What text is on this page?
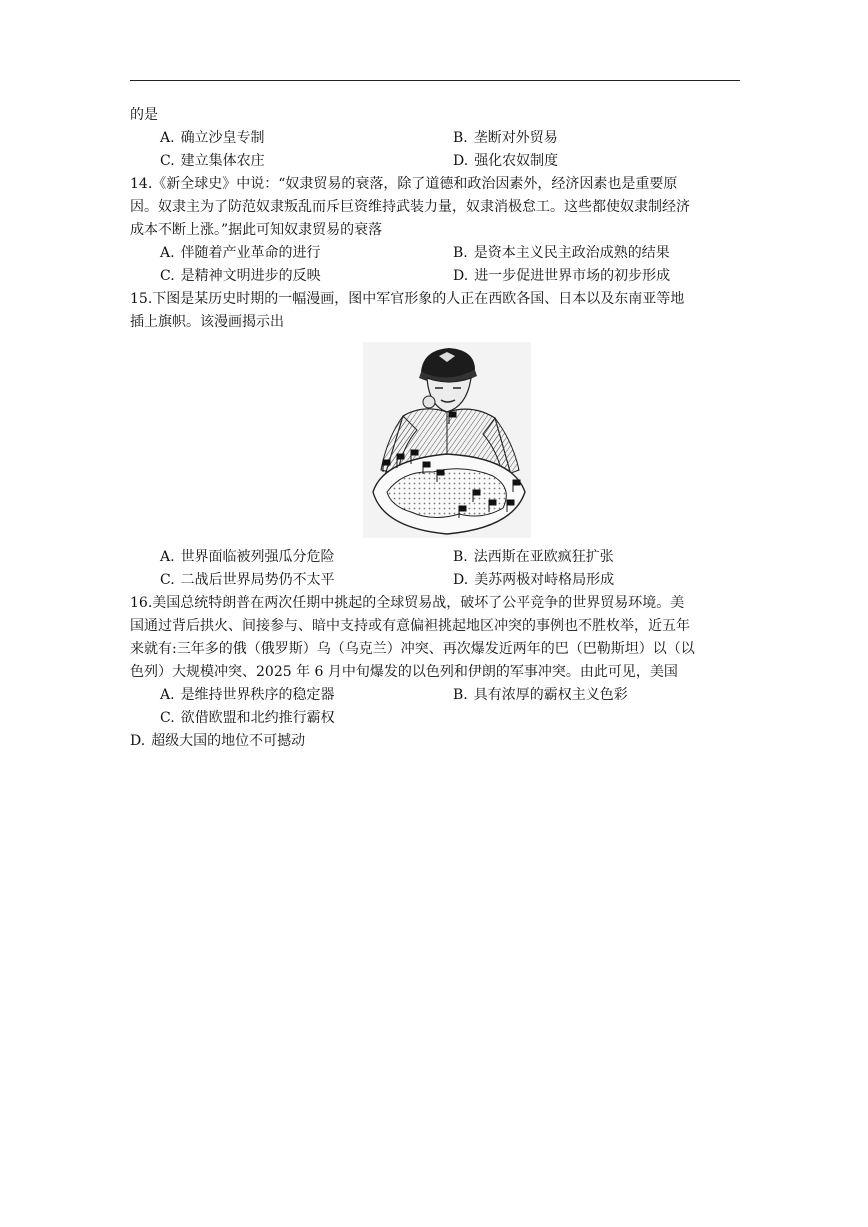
的是
A. 确立沙皇专制	B. 垄断对外贸易
C. 建立集体农庄	D. 强化农奴制度
14.《新全球史》中说：“奴隶贸易的衰落，除了道德和政治因素外，经济因素也是重要原
因。奴隶主为了防范奴隶叛乱而斥巨资维持武装力量，奴隶消极怠工。这些都使奴隶制经济
成本不断上涨。”据此可知奴隶贸易的衰落
A. 伴随着产业革命的进行	B. 是资本主义民主政治成熟的结果
C. 是精神文明进步的反映	D. 进一步促进世界市场的初步形成
15.下图是某历史时期的一幅漫画，图中军官形象的人正在西欧各国、日本以及东南亚等地
插上旗帜。该漫画揭示出
A. 世界面临被列强瓜分危险	B. 法西斯在亚欧疯狂扩张
C. 二战后世界局势仍不太平	D. 美苏两极对峙格局形成
16.美国总统特朗普在两次任期中挑起的全球贸易战，破坏了公平竞争的世界贸易环境。美
国通过背后拱火、间接参与、暗中支持或有意偏袒挑起地区冲突的事例也不胜枚举，近五年
来就有:三年多的俄（俄罗斯）乌（乌克兰）冲突、再次爆发近两年的巴（巴勒斯坦）以（以
色列）大规模冲突、2025 年 6 月中旬爆发的以色列和伊朗的军事冲突。由此可见，美国
A. 是维持世界秩序的稳定器	B. 具有浓厚的霸权主义色彩
C. 欲借欧盟和北约推行霸权
D. 超级大国的地位不可撼动
